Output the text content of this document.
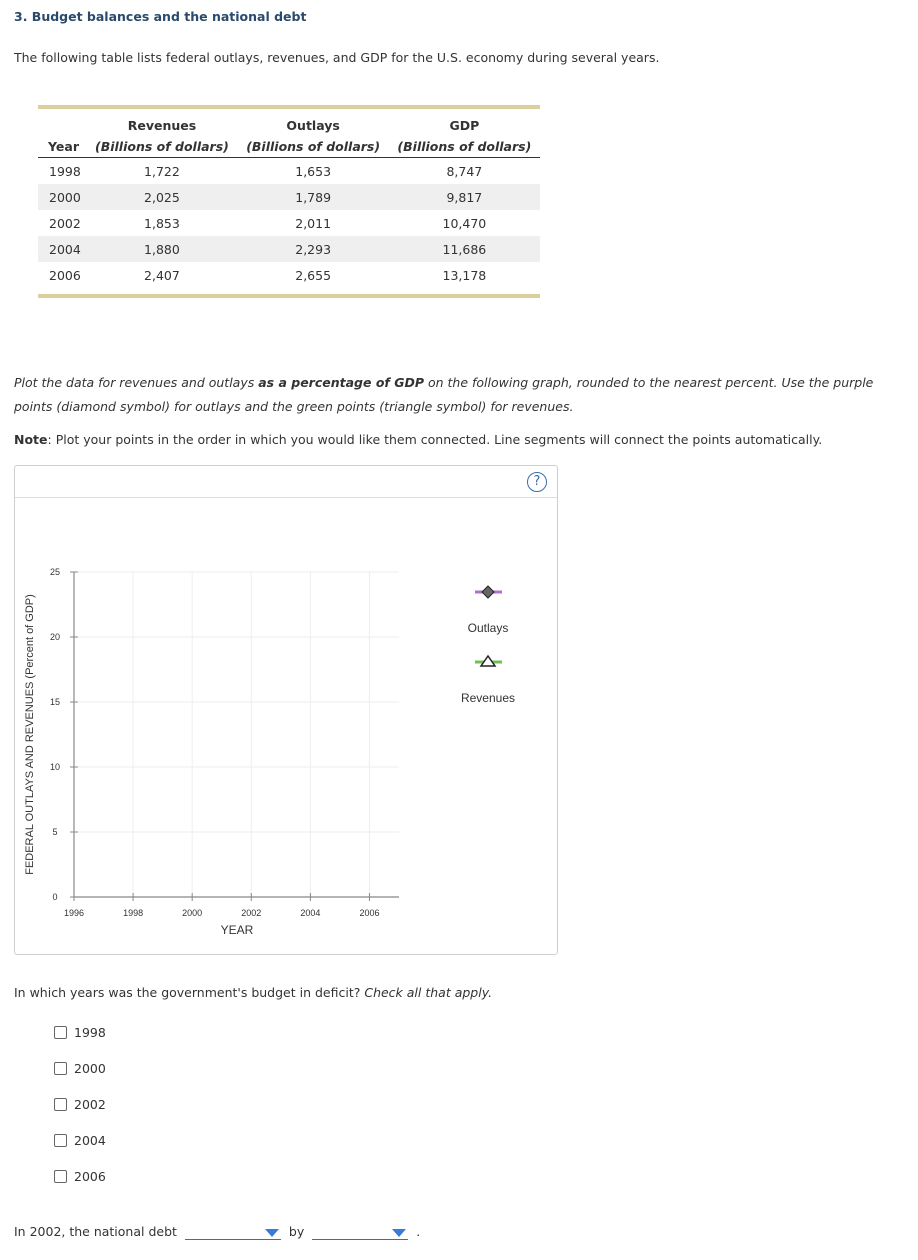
3. Budget balances and the national debt

The following table lists federal outlays, revenues, and GDP for the U.S. economy during several years.

	Revenues	Outlays	GDP
Year	(Billions of dollars)	(Billions of dollars)	(Billions of dollars)
1998	1,722	1,653	8,747
2000	2,025	1,789	9,817
2002	1,853	2,011	10,470
2004	1,880	2,293	11,686
2006	2,407	2,655	13,178

Plot the data for revenues and outlays as a percentage of GDP on the following graph, rounded to the nearest percent. Use the purple points (diamond symbol) for outlays and the green points (triangle symbol) for revenues.

Note: Plot your points in the order in which you would like them connected. Line segments will connect the points automatically.

1996	1998	2000	2002	2004	2006
0
5
10
15
20
25
FEDERAL OUTLAYS AND REVENUES (Percent of GDP)
YEAR
Outlays
Revenues
?

In which years was the government's budget in deficit? Check all that apply.

1998
2000
2002
2004
2006
In 2002, the national debt	by	.
